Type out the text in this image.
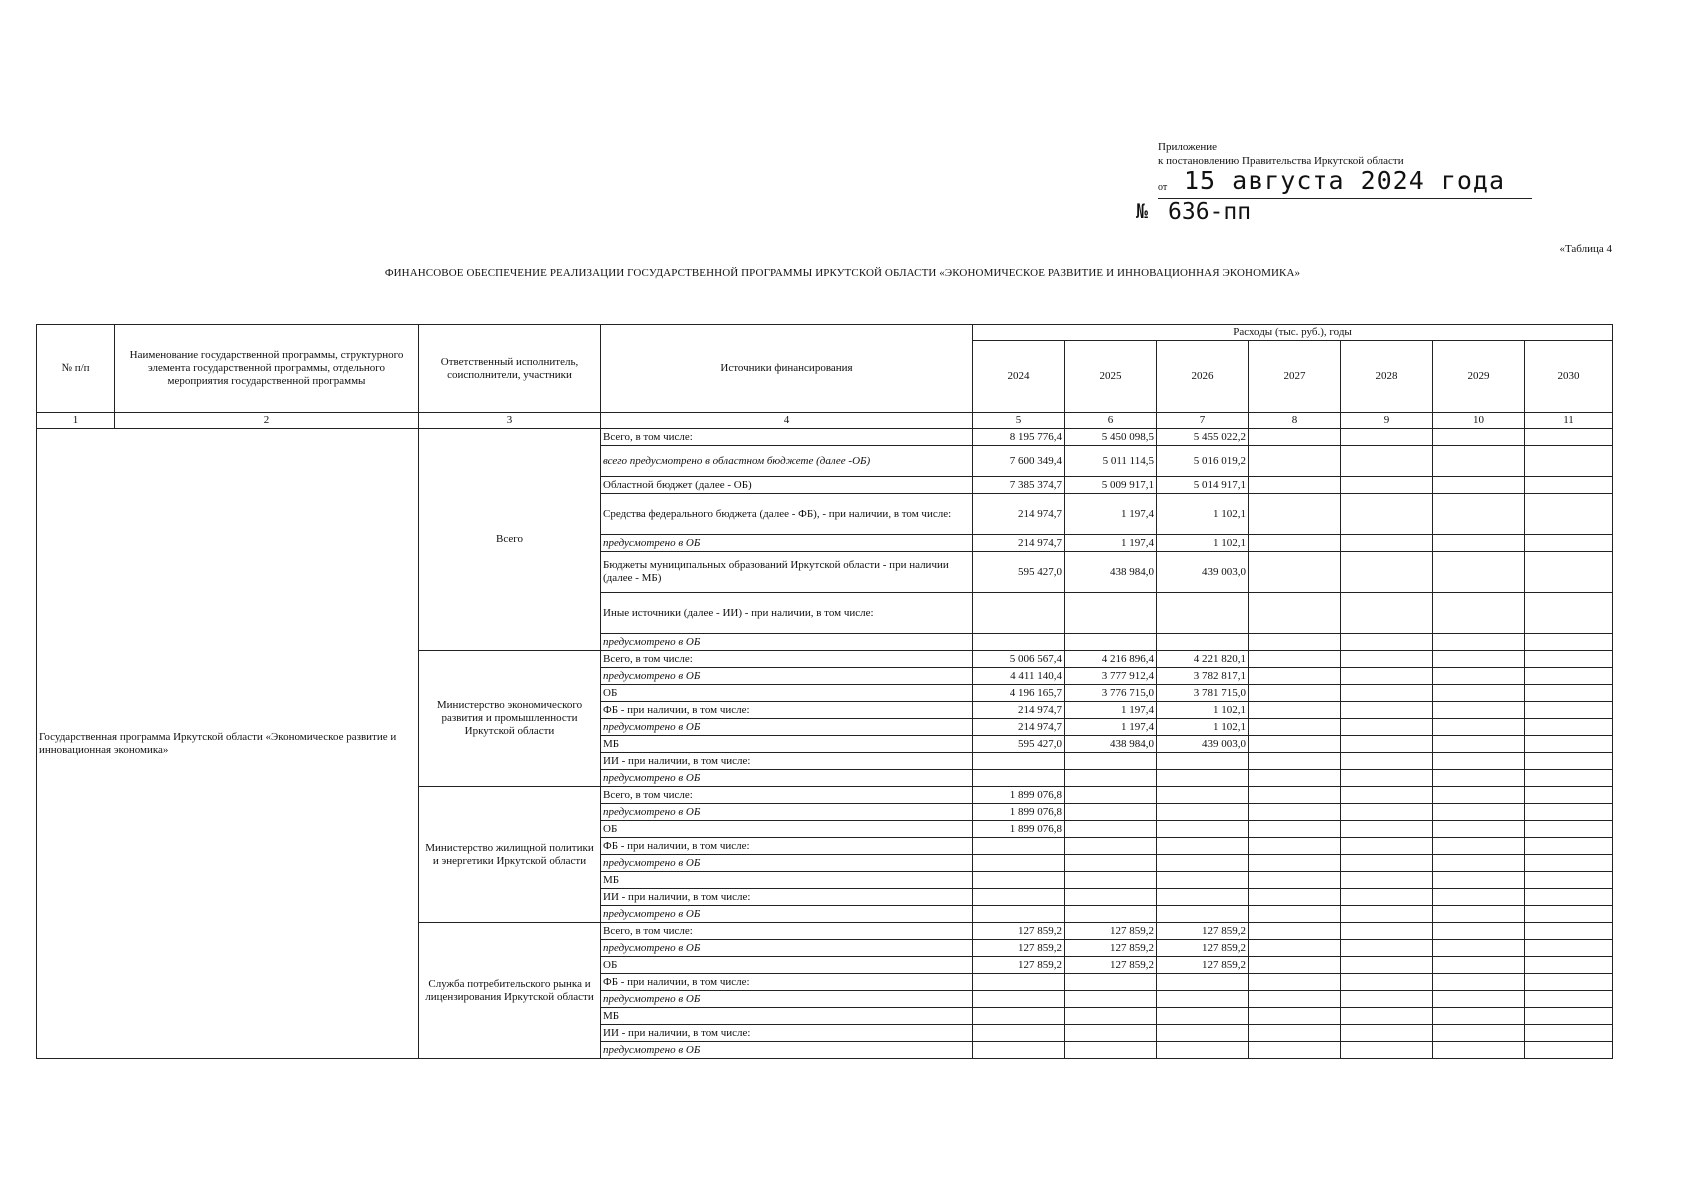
Приложение
к постановлению Правительства Иркутской области
от 15 августа 2024 года
№ 636-пп
«Таблица 4
ФИНАНСОВОЕ ОБЕСПЕЧЕНИЕ РЕАЛИЗАЦИИ ГОСУДАРСТВЕННОЙ ПРОГРАММЫ ИРКУТСКОЙ ОБЛАСТИ «ЭКОНОМИЧЕСКОЕ РАЗВИТИЕ И ИННОВАЦИОННАЯ ЭКОНОМИКА»
№ п/п	Наименование государственной программы, структурного элемента государственной программы, отдельного мероприятия государственной программы	Ответственный исполнитель, соисполнители, участники	Источники финансирования	Расходы (тыс. руб.), годы						
				2024	2025	2026	2027	2028	2029	2030
1	2	3	4	5	6	7	8	9	10	11
Государственная программа Иркутской области «Экономическое развитие и инновационная экономика»		Всего	Всего, в том числе:	8 195 776,4	5 450 098,5	5 455 022,2				
			всего предусмотрено в областном бюджете (далее -ОБ)	7 600 349,4	5 011 114,5	5 016 019,2				
			Областной бюджет (далее - ОБ)	7 385 374,7	5 009 917,1	5 014 917,1				
			Средства федерального бюджета (далее - ФБ), - при наличии, в том числе:	214 974,7	1 197,4	1 102,1				
			предусмотрено в ОБ	214 974,7	1 197,4	1 102,1				
			Бюджеты муниципальных образований Иркутской области - при наличии (далее - МБ)	595 427,0	438 984,0	439 003,0				
			Иные источники (далее - ИИ) - при наличии, в том числе:							
			предусмотрено в ОБ							
		Министерство экономического развития и промышленности Иркутской области	Всего, в том числе:	5 006 567,4	4 216 896,4	4 221 820,1				
			предусмотрено в ОБ	4 411 140,4	3 777 912,4	3 782 817,1				
			ОБ	4 196 165,7	3 776 715,0	3 781 715,0				
			ФБ - при наличии, в том числе:	214 974,7	1 197,4	1 102,1				
			предусмотрено в ОБ	214 974,7	1 197,4	1 102,1				
			МБ	595 427,0	438 984,0	439 003,0				
			ИИ - при наличии, в том числе:							
			предусмотрено в ОБ							
		Министерство жилищной политики и энергетики Иркутской области	Всего, в том числе:	1 899 076,8						
			предусмотрено в ОБ	1 899 076,8						
			ОБ	1 899 076,8						
			ФБ - при наличии, в том числе:							
			предусмотрено в ОБ							
			МБ							
			ИИ - при наличии, в том числе:							
			предусмотрено в ОБ							
		Служба потребительского рынка и лицензирования Иркутской области	Всего, в том числе:	127 859,2	127 859,2	127 859,2				
			предусмотрено в ОБ	127 859,2	127 859,2	127 859,2				
			ОБ	127 859,2	127 859,2	127 859,2				
			ФБ - при наличии, в том числе:							
			предусмотрено в ОБ							
			МБ							
			ИИ - при наличии, в том числе:							
			предусмотрено в ОБ							
